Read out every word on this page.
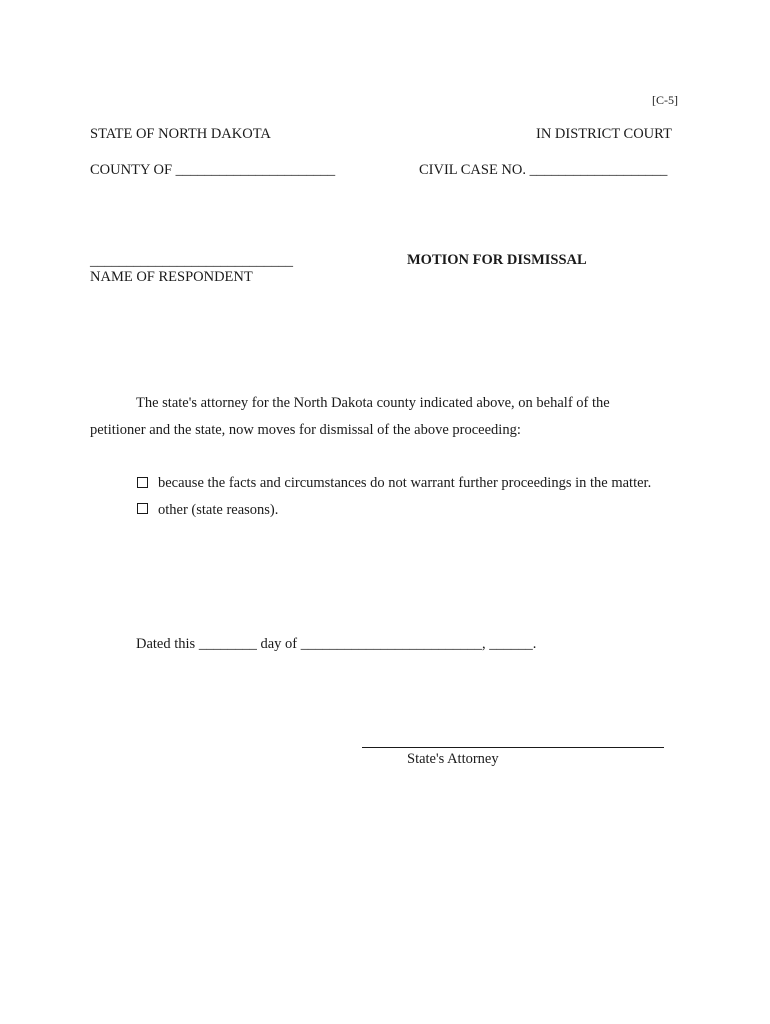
[C-5]
STATE OF NORTH DAKOTA	IN DISTRICT COURT
COUNTY OF ______________________	CIVIL CASE NO. ___________________
____________________________
NAME OF RESPONDENT
MOTION FOR DISMISSAL
The state's attorney for the North Dakota county indicated above, on behalf of the
petitioner and the state, now moves for dismissal of the above proceeding:
because the facts and circumstances do not warrant further proceedings in the matter.
other (state reasons).
Dated this ________ day of _________________________, ______.
State's Attorney
